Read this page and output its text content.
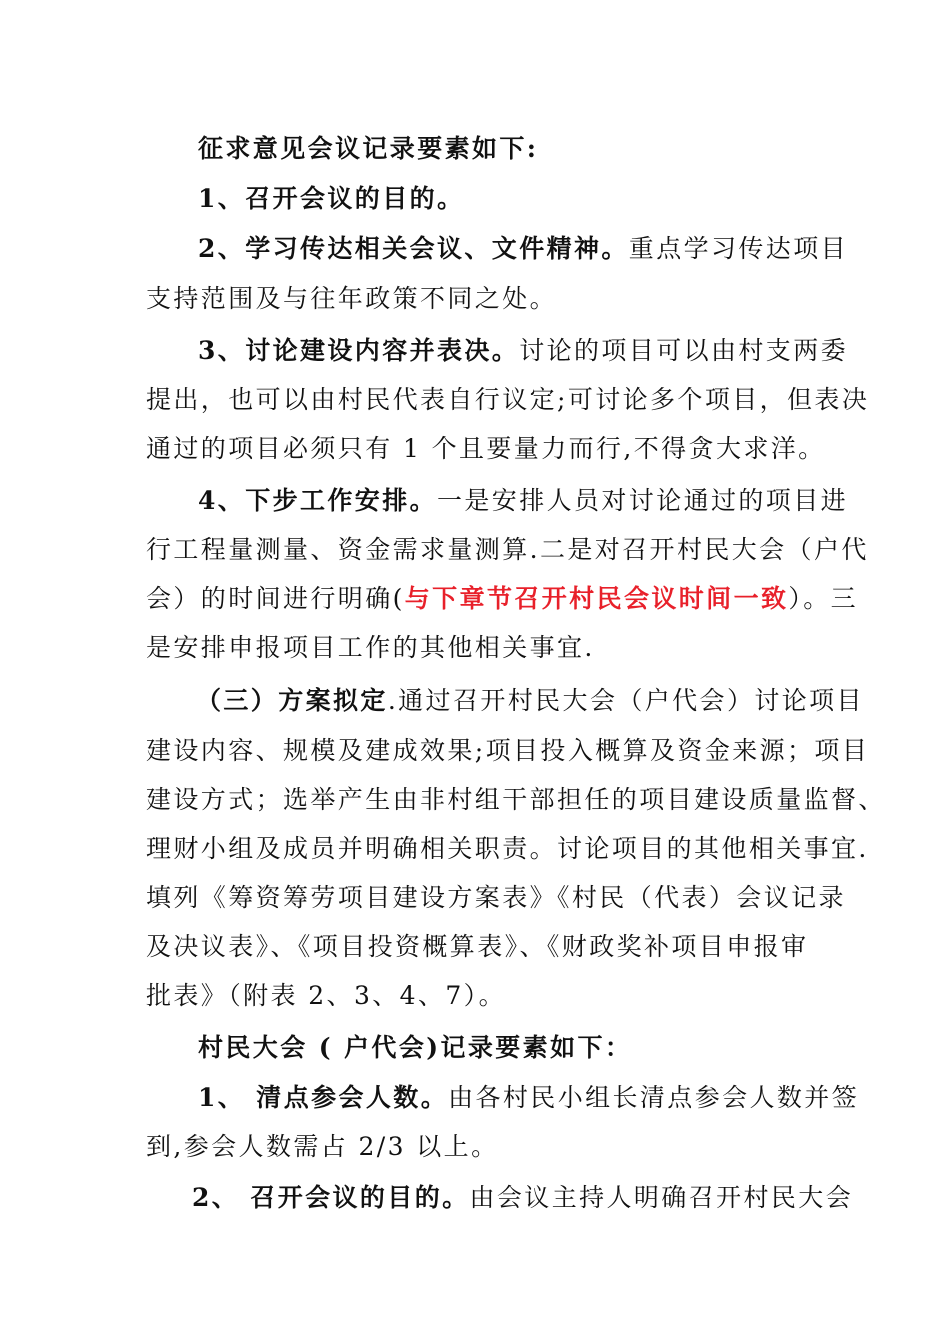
征求意见会议记录要素如下:
1、召开会议的目的。
2、学习传达相关会议、文件精神。重点学习传达项目
支持范围及与往年政策不同之处。
3、讨论建设内容并表决。讨论的项目可以由村支两委
提出，也可以由村民代表自行议定;可讨论多个项目，但表决
通过的项目必须只有 1 个且要量力而行,不得贪大求洋。
4、下步工作安排。一是安排人员对讨论通过的项目进
行工程量测量、资金需求量测算.二是对召开村民大会（户代
会）的时间进行明确(与下章节召开村民会议时间一致）。三
是安排申报项目工作的其他相关事宜.
（三）方案拟定.通过召开村民大会（户代会）讨论项目
建设内容、规模及建成效果;项目投入概算及资金来源；项目
建设方式；选举产生由非村组干部担任的项目建设质量监督、
理财小组及成员并明确相关职责。讨论项目的其他相关事宜.
填列《筹资筹劳项目建设方案表》《村民（代表）会议记录
及决议表》、《项目投资概算表》、《财政奖补项目申报审
批表》（附表 2、3、4、7）。
村民大会 ( 户代会)记录要素如下：
1、 清点参会人数。由各村民小组长清点参会人数并签
到,参会人数需占 2/3 以上。
2、 召开会议的目的。由会议主持人明确召开村民大会
